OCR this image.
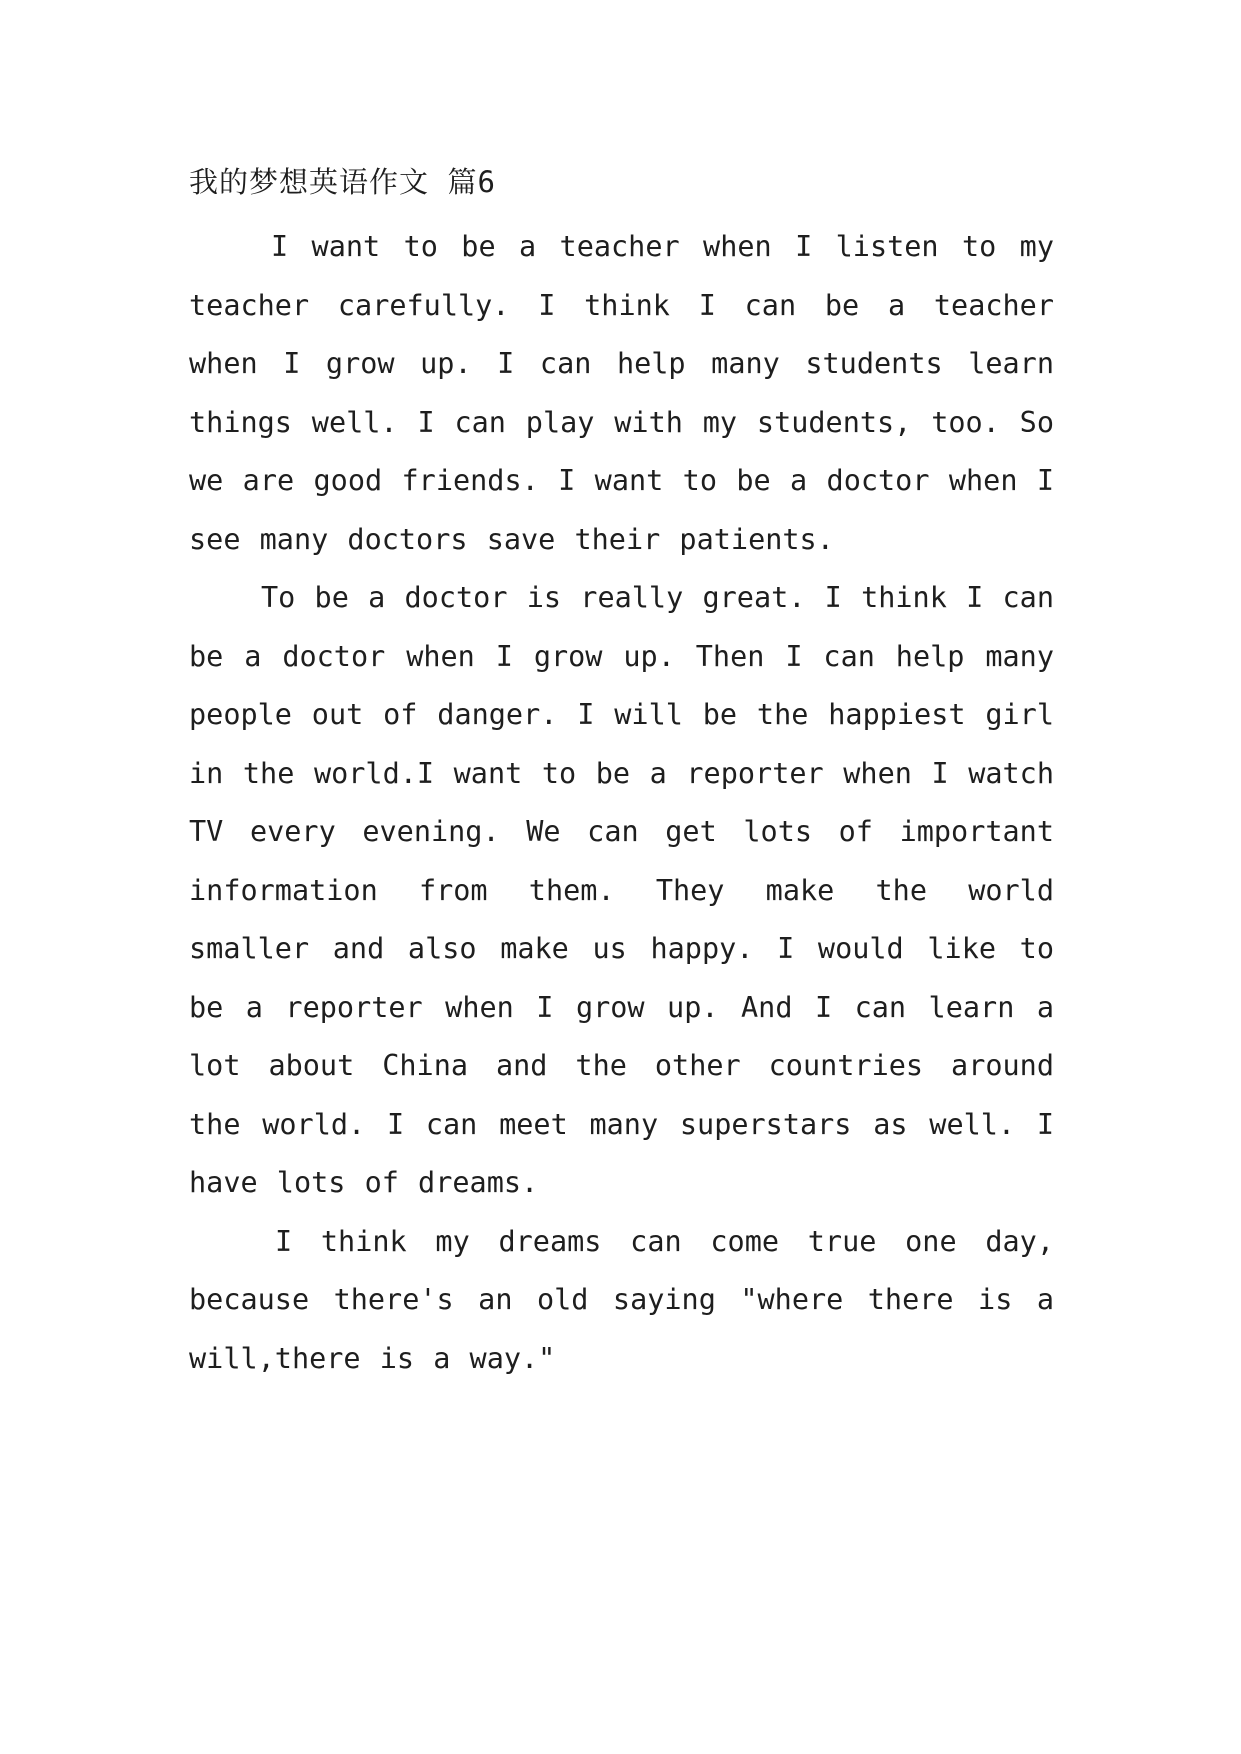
我的梦想英语作文 篇6

I want to be a teacher when I listen to my teacher carefully. I think I can be a teacher when I grow up. I can help many students learn things well. I can play with my students, too. So we are good friends. I want to be a doctor when I see many doctors save their patients.

To be a doctor is really great. I think I can be a doctor when I grow up. Then I can help many people out of danger. I will be the happiest girl in the world.I want to be a reporter when I watch TV every evening. We can get lots of important information from them. They make the world smaller and also make us happy. I would like to be a reporter when I grow up. And I can learn a lot about China and the other countries around the world. I can meet many superstars as well. I have lots of dreams.

I think my dreams can come true one day, because there's an old saying "where there is a will,there is a way."
